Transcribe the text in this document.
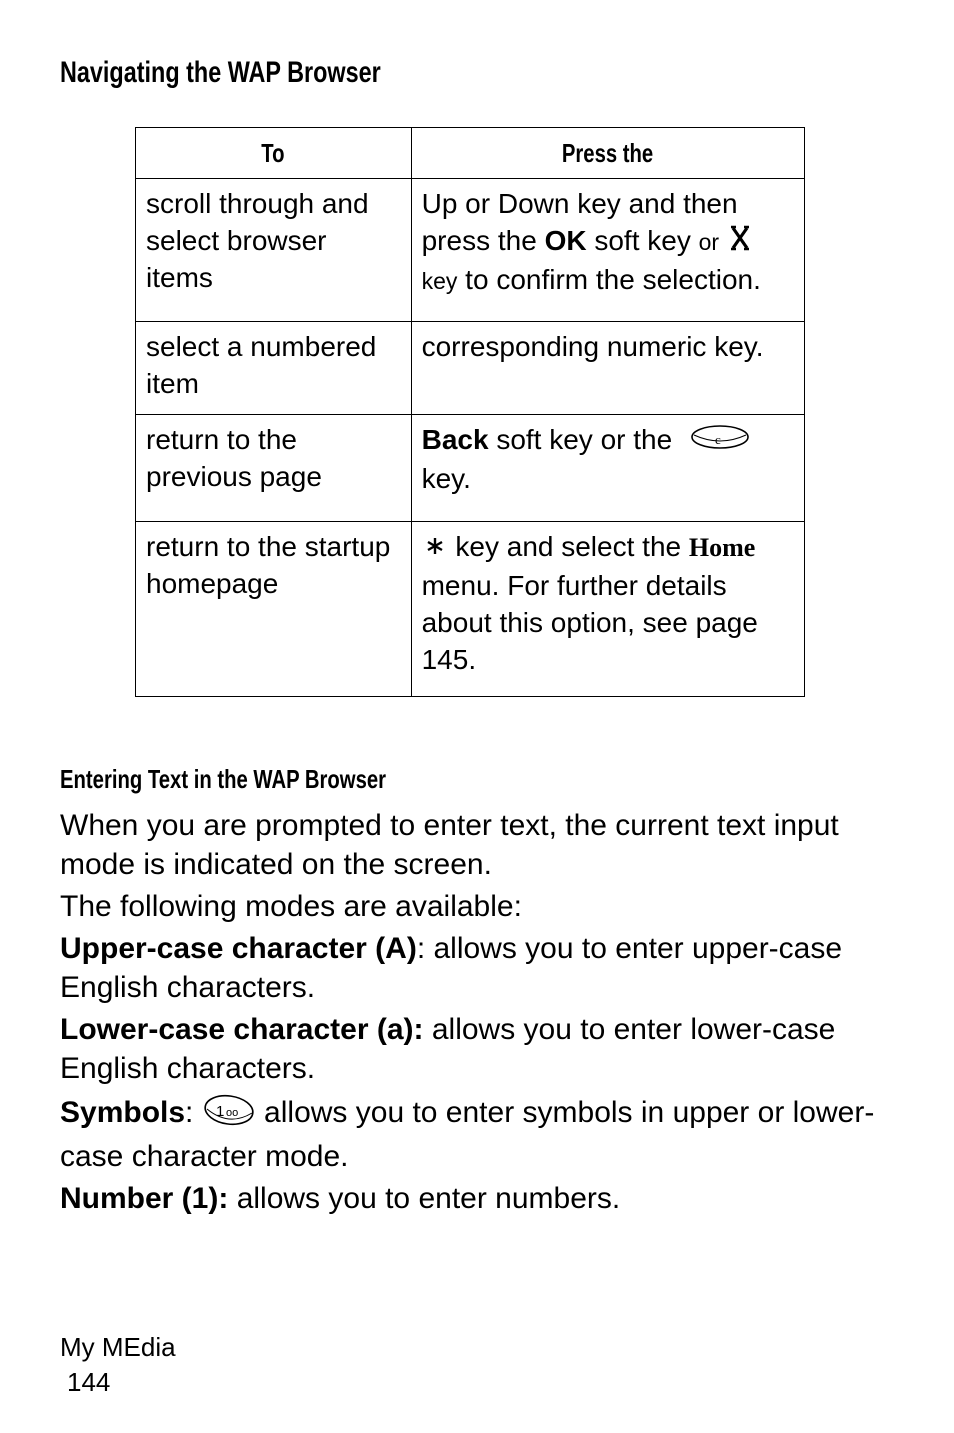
Navigating the WAP Browser
To	Press the
scroll through and select browser items	Up or Down key and then press the OK soft key or
key to confirm the selection.
select a numbered item	corresponding numeric key.
return to the previous page	Back soft key or the c

key.
return to the startup homepage	key and select the Home menu. For further details about this option, see page 145.
Entering Text in the WAP Browser

When you are prompted to enter text, the current text input mode is indicated on the screen.

The following modes are available:

Upper-case character (A): allows you to enter upper-case English characters.

Lower-case character (a): allows you to enter lower-case English characters.

Symbols: 1 oo allows you to enter symbols in upper or lower-case character mode.

Number (1): allows you to enter numbers.

My MEdia
144
